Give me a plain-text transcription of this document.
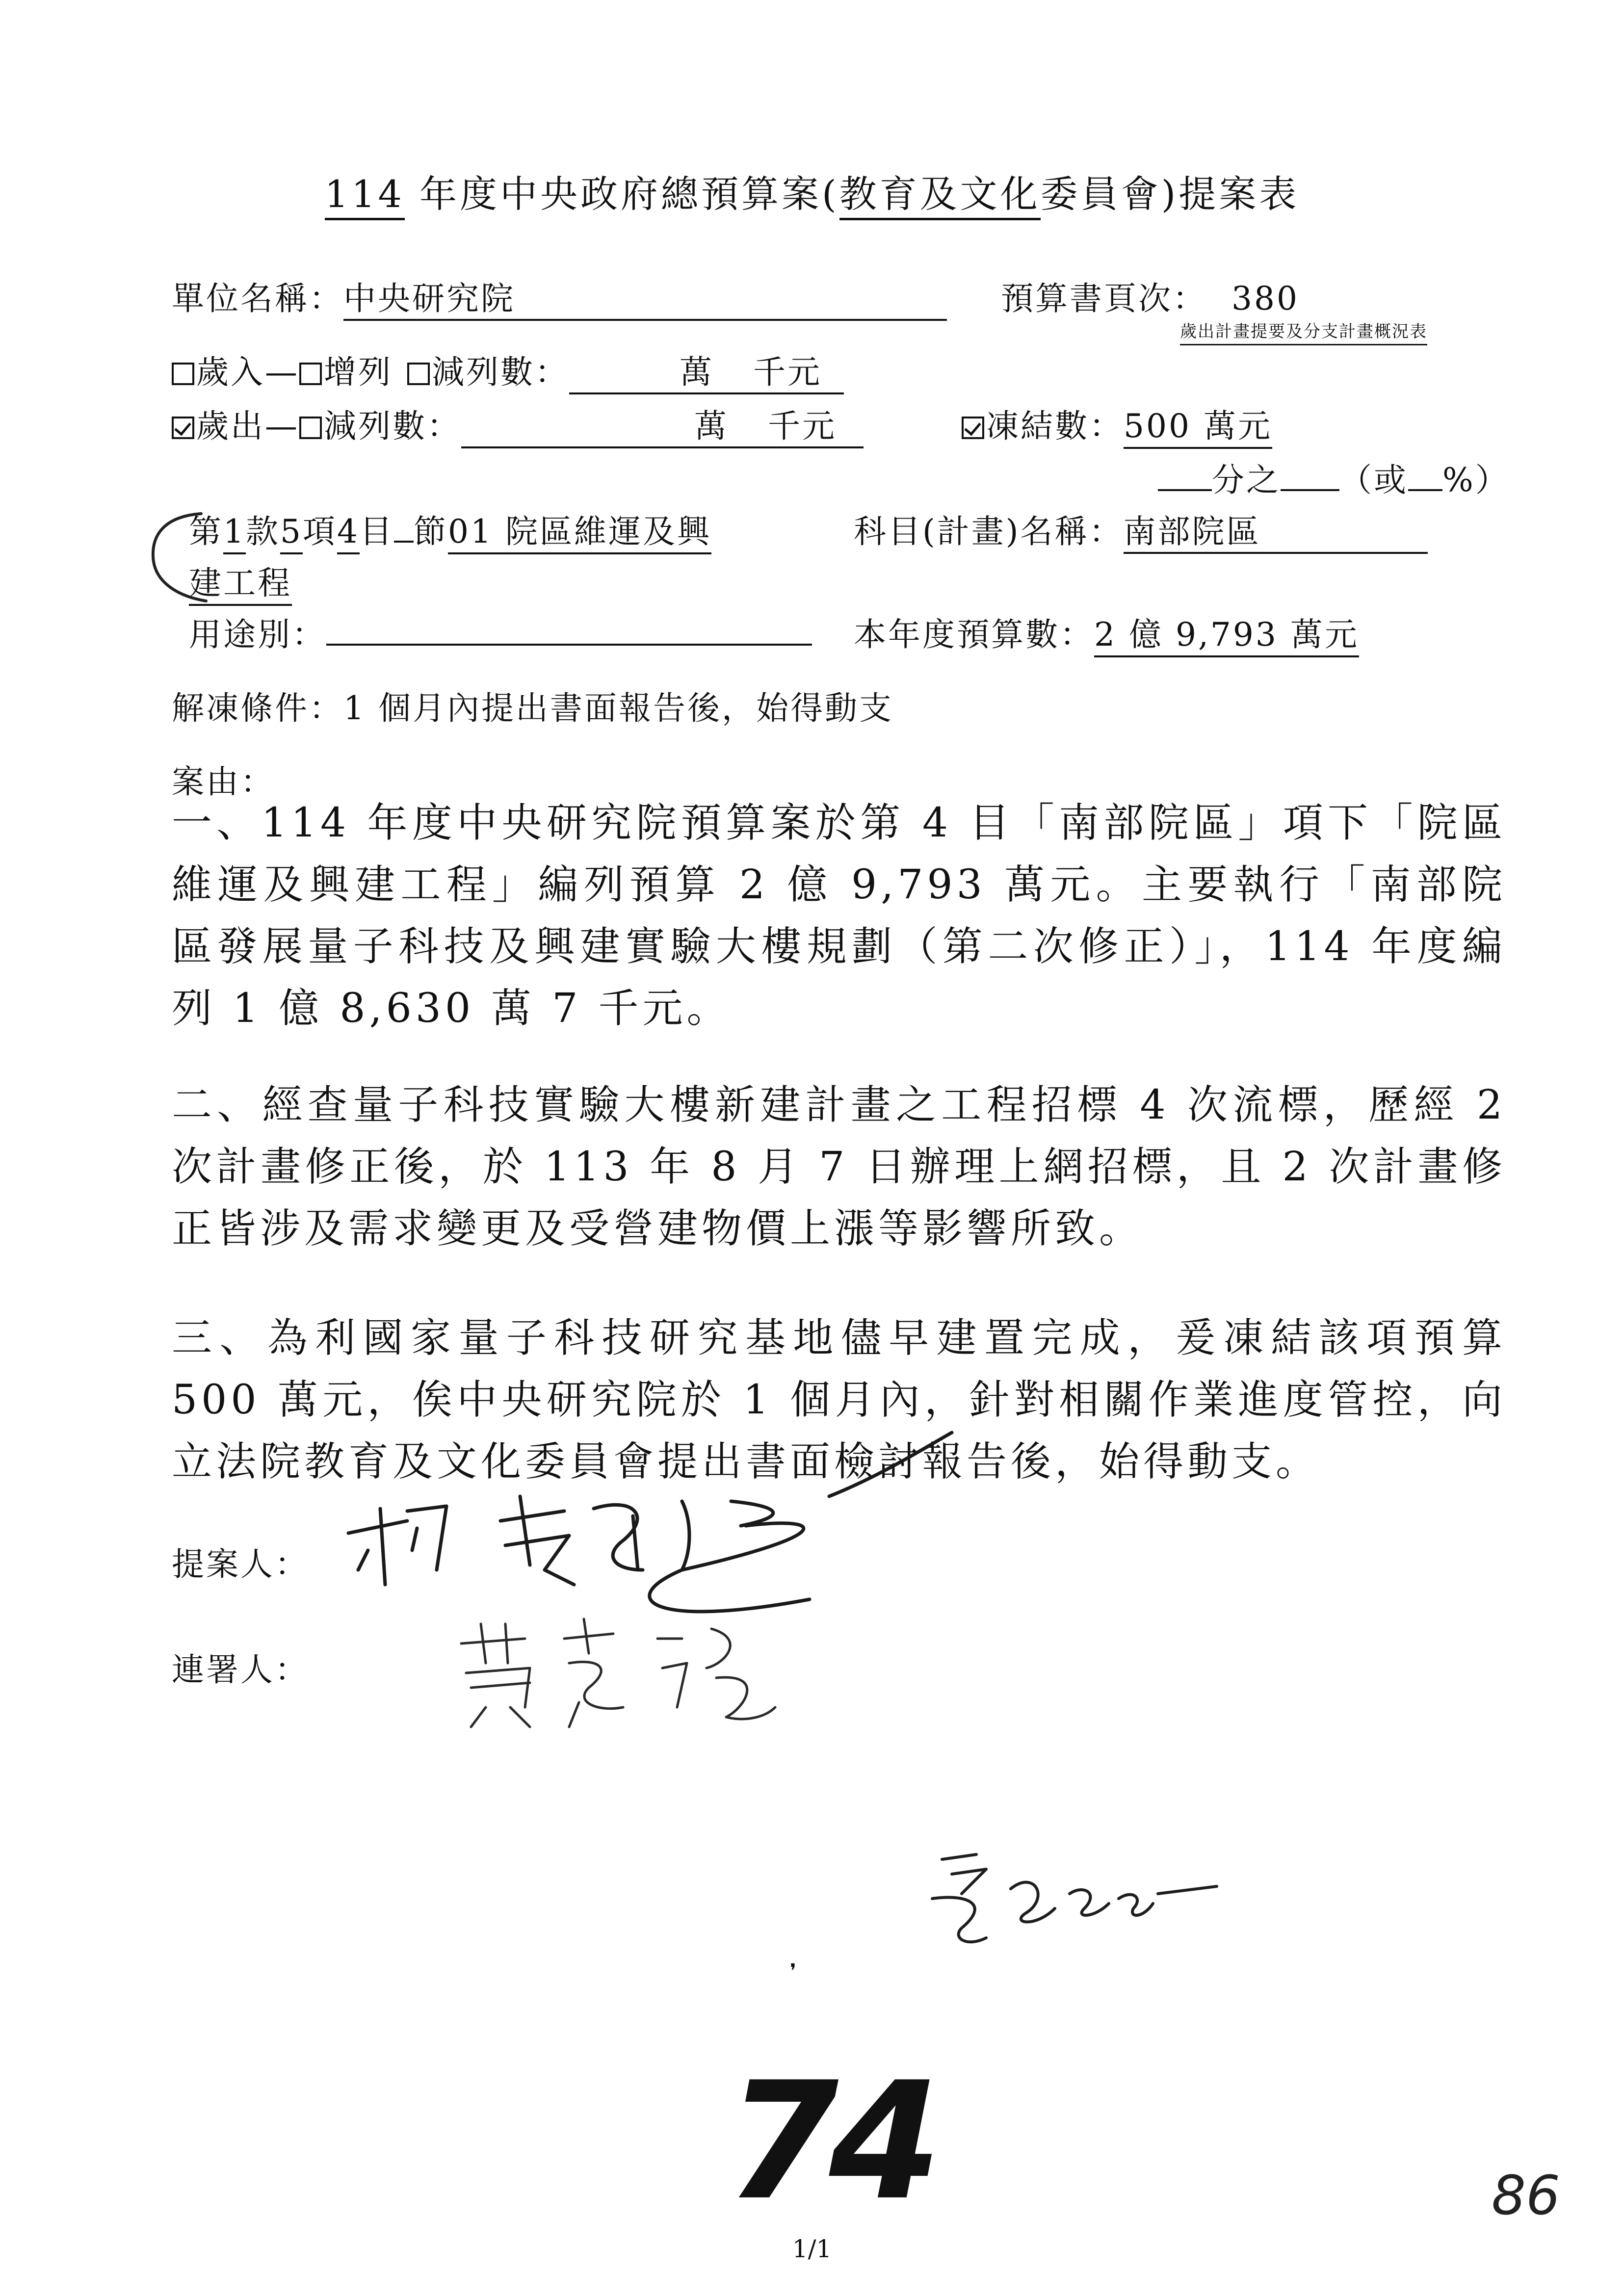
114 年度中央政府總預算案(教育及文化委員會)提案表
單位名稱：中央研究院	預算書頁次： 380
歲出計畫提要及分支計畫概況表
歲入— 增列 減列數：	萬 千元
歲出— 減列數：	萬 千元	凍結數：500 萬元
分之 （或 %）
第1款5項4目 節01 院區維運及興	科目(計畫)名稱：南部院區
建工程
用途別：	本年度預算數：2 億 9,793 萬元
解凍條件：1 個月內提出書面報告後，始得動支
案由：
一、114 年度中央研究院預算案於第 4 目「南部院區」項下「院區維運及興建工程」編列預算 2 億 9,793 萬元。主要執行「南部院區發展量子科技及興建實驗大樓規劃（第二次修正）」，114 年度編列 1 億 8,630 萬 7 千元。
二、經查量子科技實驗大樓新建計畫之工程招標 4 次流標，歷經 2 次計畫修正後，於 113 年 8 月 7 日辦理上網招標，且 2 次計畫修正皆涉及需求變更及受營建物價上漲等影響所致。
三、為利國家量子科技研究基地儘早建置完成，爰凍結該項預算 500 萬元，俟中央研究院於 1 個月內，針對相關作業進度管控，向立法院教育及文化委員會提出書面檢討報告後，始得動支。
提案人：
連署人：
❜
74	86
1/1
